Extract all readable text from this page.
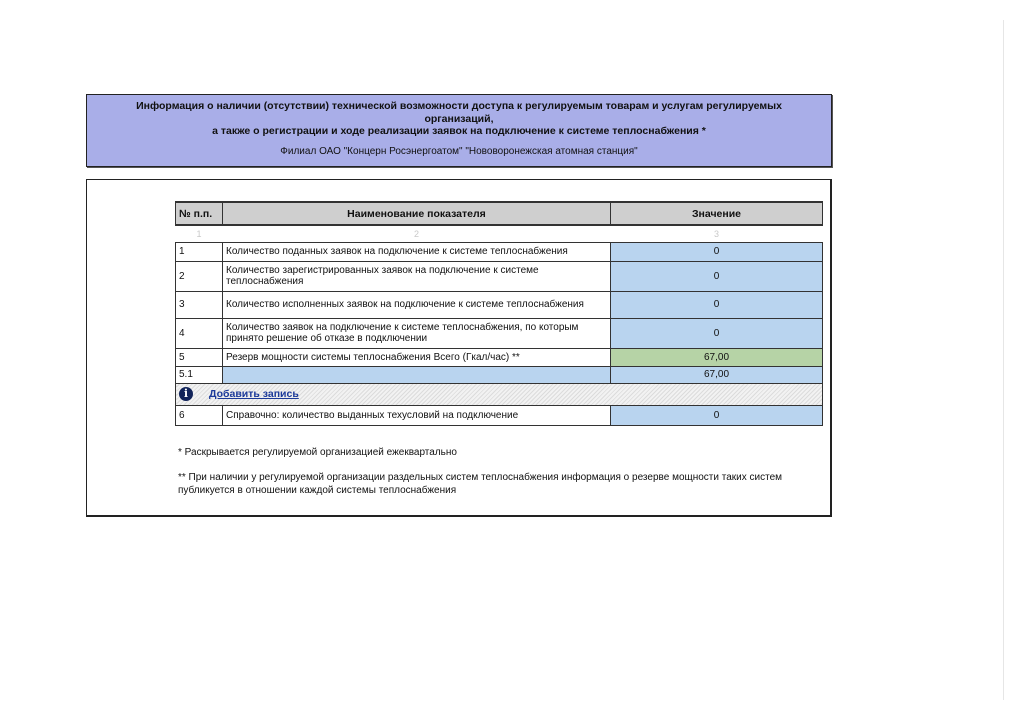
Информация о наличии (отсутствии) технической возможности доступа к регулируемым товарам и услугам регулируемых организаций,
а также о регистрации и ходе реализации заявок на подключение к системе теплоснабжения *
Филиал ОАО "Концерн Росэнергоатом" "Нововоронежская атомная станция"
№ п.п.	Наименование показателя	Значение
1	2	3
1	Количество поданных заявок на подключение к системе теплоснабжения	0
2	Количество зарегистрированных заявок на подключение к системе теплоснабжения	0
3	Количество исполненных заявок на подключение к системе теплоснабжения	0
4	Количество заявок на подключение к системе теплоснабжения, по которым принято решение об отказе в подключении	0
5	Резерв мощности системы теплоснабжения Всего (Гкал/час) **	67,00
5.1		67,00

i Добавить запись		

6	Справочно: количество выданных техусловий на подключение	0
* Раскрывается регулируемой организацией ежеквартально
** При наличии у регулируемой организации раздельных систем теплоснабжения информация о резерве мощности таких систем публикуется в отношении каждой системы теплоснабжения
